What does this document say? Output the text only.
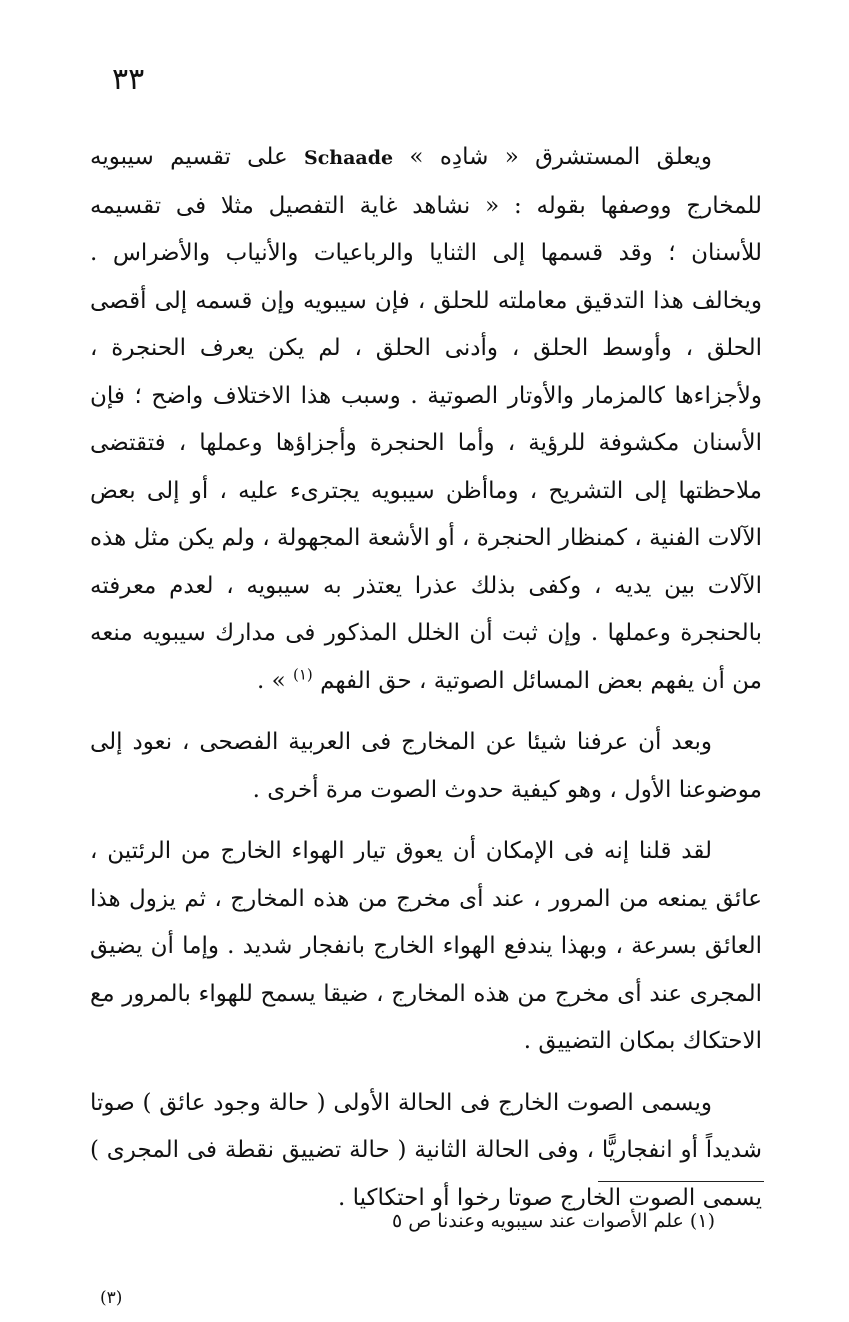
٣٣

ويعلق المستشرق « شادِه » Schaade على تقسيم سيبويه للمخارج ووصفها بقوله : « نشاهد غاية التفصيل مثلا فى تقسيمه للأسنان ؛ وقد قسمها إلى الثنايا والرباعيات والأنياب والأضراس . ويخالف هذا التدقيق معاملته للحلق ، فإن سيبويه وإن قسمه إلى أقصى الحلق ، وأوسط الحلق ، وأدنى الحلق ، لم يكن يعرف الحنجرة ، ولأجزاءها كالمزمار والأوتار الصوتية . وسبب هذا الاختلاف واضح ؛ فإن الأسنان مكشوفة للرؤية ، وأما الحنجرة وأجزاؤها وعملها ، فتقتضى ملاحظتها إلى التشريح ، وماأظن سيبويه يجترىء عليه ، أو إلى بعض الآلات الفنية ، كمنظار الحنجرة ، أو الأشعة المجهولة ، ولم يكن مثل هذه الآلات بين يديه ، وكفى بذلك عذرا يعتذر به سيبويه ، لعدم معرفته بالحنجرة وعملها . وإن ثبت أن الخلل المذكور فى مدارك سيبويه منعه من أن يفهم بعض المسائل الصوتية ، حق الفهم $^{(١)}$ » .

وبعد أن عرفنا شيئا عن المخارج فى العربية الفصحى ، نعود إلى موضوعنا الأول ، وهو كيفية حدوث الصوت مرة أخرى .

لقد قلنا إنه فى الإمكان أن يعوق تيار الهواء الخارج من الرئتين ، عائق يمنعه من المرور ، عند أى مخرج من هذه المخارج ، ثم يزول هذا العائق بسرعة ، وبهذا يندفع الهواء الخارج بانفجار شديد . وإما أن يضيق المجرى عند أى مخرج من هذه المخارج ، ضيقا يسمح للهواء بالمرور مع الاحتكاك بمكان التضييق .

ويسمى الصوت الخارج فى الحالة الأولى ( حالة وجود عائق ) صوتا شديداً أو انفجاريًّا ، وفى الحالة الثانية ( حالة تضييق نقطة فى المجرى ) يسمى الصوت الخارج صوتا رخوا أو احتكاكيا .

(١) علم الأصوات عند سيبويه وعندنا ص ٥
(٣)
